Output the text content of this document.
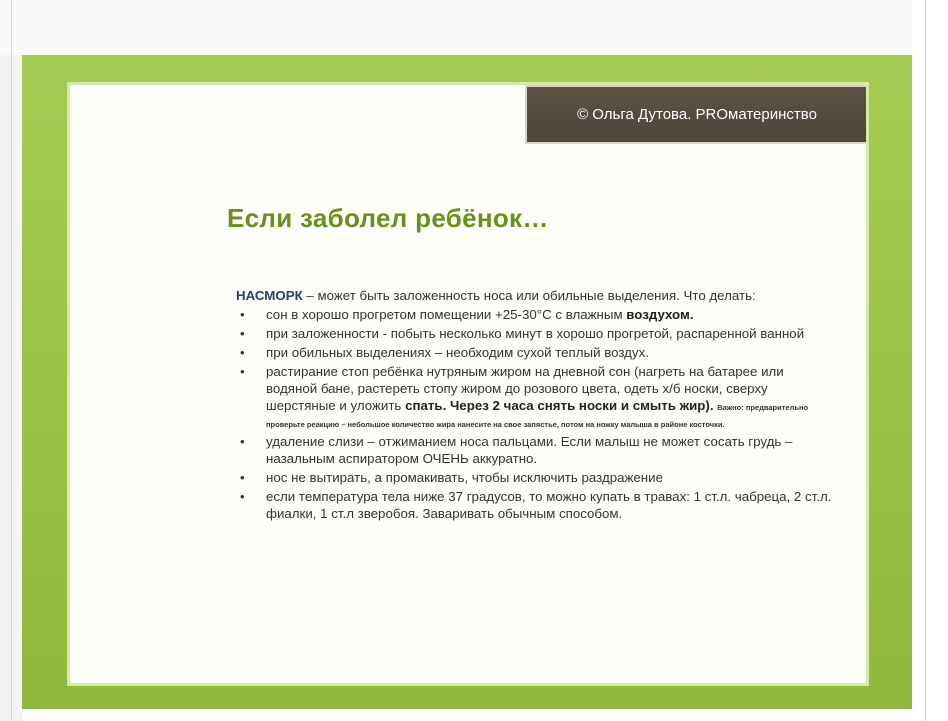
© Ольга Дутова. PROматеринство
Если заболел ребёнок…

НАСМОРК – может быть заложенность носа или обильные выделения. Что делать:

• сон в хорошо прогретом помещении +25-30°С с влажным воздухом.
• при заложенности - побыть несколько минут в хорошо прогретой, распаренной ванной
• при обильных выделениях – необходим сухой теплый воздух.
• растирание стоп ребёнка нутряным жиром на дневной сон (нагреть на батарее или водяной бане, растереть стопу жиром до розового цвета, одеть х/б носки, сверху шерстяные и уложить спать. Через 2 часа снять носки и смыть жир). Важно: предварительно проверьте реакцию – небольшое количество жира нанесите на свое запястье, потом на ножку малыша в районе косточки.
• удаление слизи – отжиманием носа пальцами. Если малыш не может сосать грудь – назальным аспиратором ОЧЕНЬ аккуратно.
• нос не вытирать, а промакивать, чтобы исключить раздражение
• если температура тела ниже 37 градусов, то можно купать в травах: 1 ст.л. чабреца, 2 ст.л. фиалки, 1 ст.л зверобоя. Заваривать обычным способом.
